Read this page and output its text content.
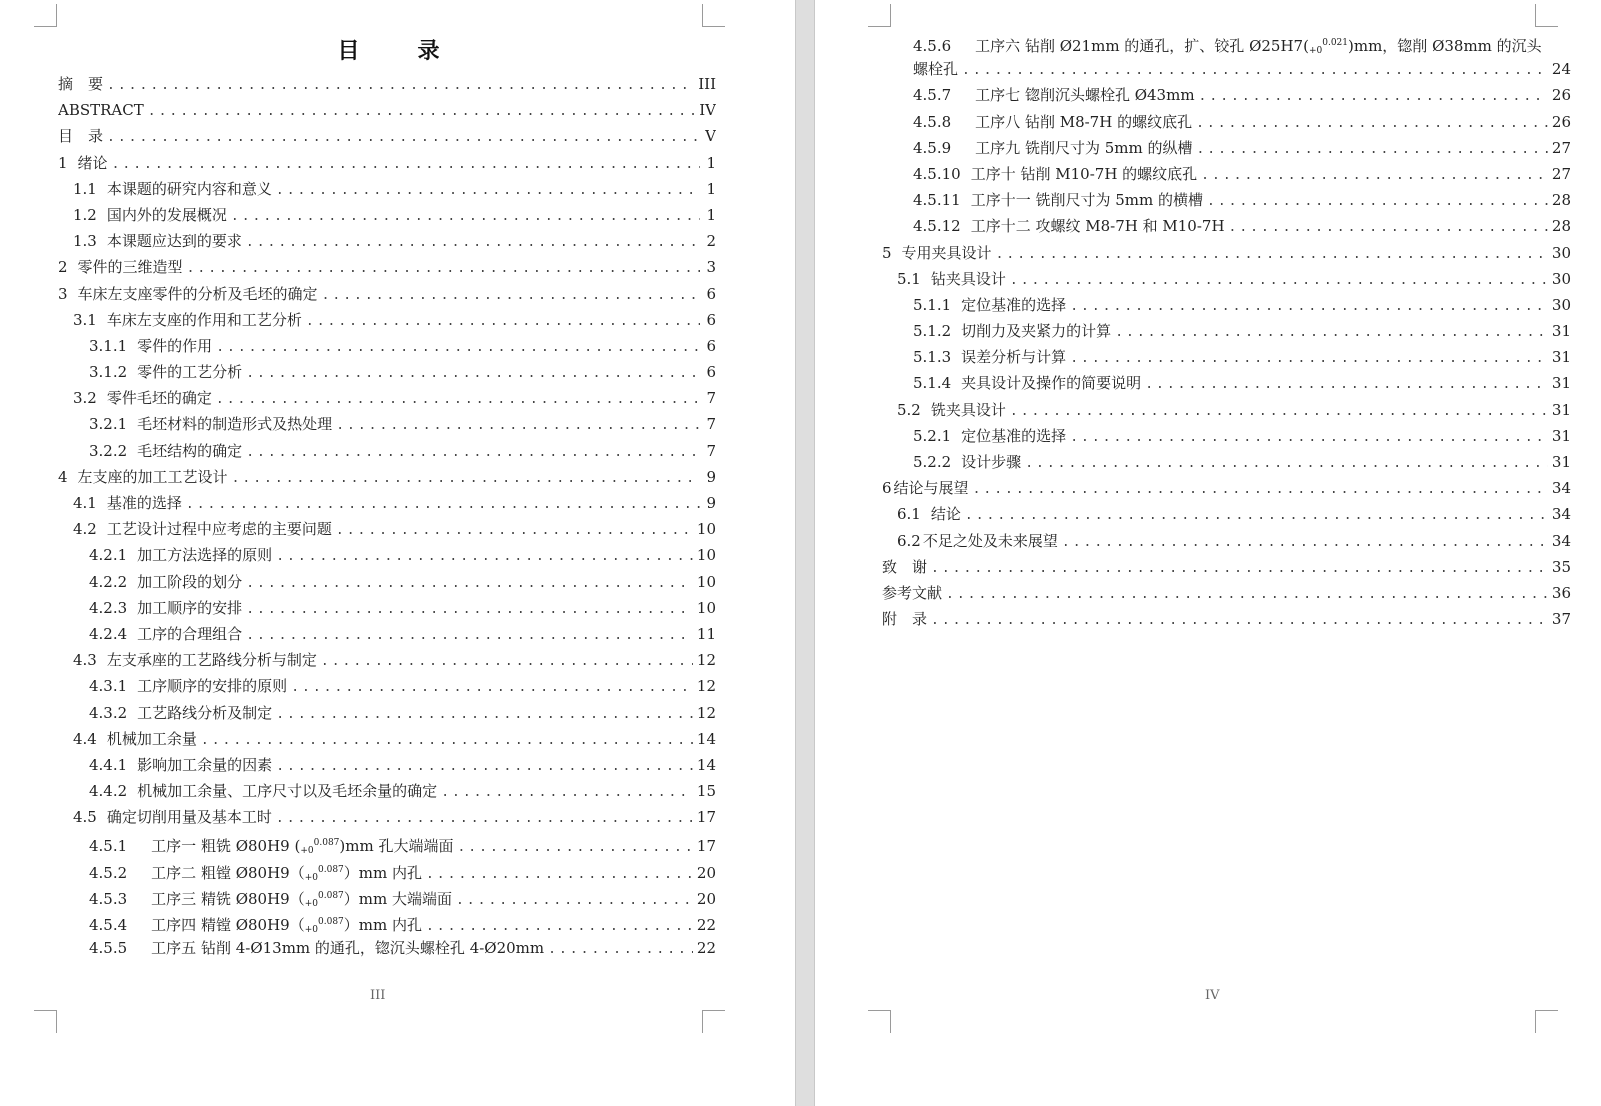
目　录
摘　要 .....	III
ABSTRACT .....	IV
目　录 .....	V
1 绪论 .....	1
1.1 本课题的研究内容和意义 .....	1
1.2 国内外的发展概况 .....	1
1.3 本课题应达到的要求 .....	2
2 零件的三维造型 .....	3
3 车床左支座零件的分析及毛坯的确定 .....	6
3.1 车床左支座的作用和工艺分析 .....	6
3.1.1 零件的作用 .....	6
3.1.2 零件的工艺分析 .....	6
3.2 零件毛坯的确定 .....	7
3.2.1 毛坯材料的制造形式及热处理 .....	7
3.2.2 毛坯结构的确定 .....	7
4 左支座的加工工艺设计 .....	9
4.1 基准的选择 .....	9
4.2 工艺设计过程中应考虑的主要问题 .....	10
4.2.1 加工方法选择的原则 .....	10
4.2.2 加工阶段的划分 .....	10
4.2.3 加工顺序的安排 .....	10
4.2.4 工序的合理组合 .....	11
4.3 左支承座的工艺路线分析与制定 .....	12
4.3.1 工序顺序的安排的原则 .....	12
4.3.2 工艺路线分析及制定 .....	12
4.4 机械加工余量 .....	14
4.4.1 影响加工余量的因素 .....	14
4.4.2 机械加工余量、工序尺寸以及毛坯余量的确定 .....	15
4.5 确定切削用量及基本工时 .....	17
4.5.1 工序一 粗铣 Ø80H9 $(_{+0}^{0.087})mm$ 孔大端端面 .....	17
4.5.2 工序二 粗镗 $Ø80H9(_{+0}^{0.087})mm$ 内孔 .....	20
4.5.3 工序三 精铣 $Ø80H9(_{+0}^{0.087})mm$ 大端端面 .....	20
4.5.4 工序四 精镗 $Ø80H9(_{+0}^{0.087})mm$ 内孔 .....	22
4.5.5 工序五 钻削 4-Ø13mm 的通孔，锪沉头螺栓孔 4-Ø20mm .....	22
III	IV
4.5.6 工序六 钻削 Ø21mm 的通孔，扩、铰孔 $Ø25H7(_{+0}^{0.021})mm$，锪削 Ø38mm 的沉头
螺栓孔 .....	24
4.5.7 工序七 锪削沉头螺栓孔 Ø43mm .....	26
4.5.8 工序八 钻削 M8-7H 的螺纹底孔 .....	26
4.5.9 工序九 铣削尺寸为 5mm 的纵槽 .....	27
4.5.10 工序十 钻削 M10-7H 的螺纹底孔 .....	27
4.5.11 工序十一 铣削尺寸为 5mm 的横槽 .....	28
4.5.12 工序十二 攻螺纹 M8-7H 和 M10-7H .....	28
5 专用夹具设计 .....	30
5.1 钻夹具设计 .....	30
5.1.1 定位基准的选择 .....	30
5.1.2 切削力及夹紧力的计算 .....	31
5.1.3 误差分析与计算 .....	31
5.1.4 夹具设计及操作的简要说明 .....	31
5.2 铣夹具设计 .....	31
5.2.1 定位基准的选择 .....	31
5.2.2 设计步骤 .....	31
6 结论与展望 .....	34
6.1 结论 .....	34
6.2 不足之处及未来展望 .....	34
致　谢 .....	35
参考文献 .....	36
附　录 .....	37
